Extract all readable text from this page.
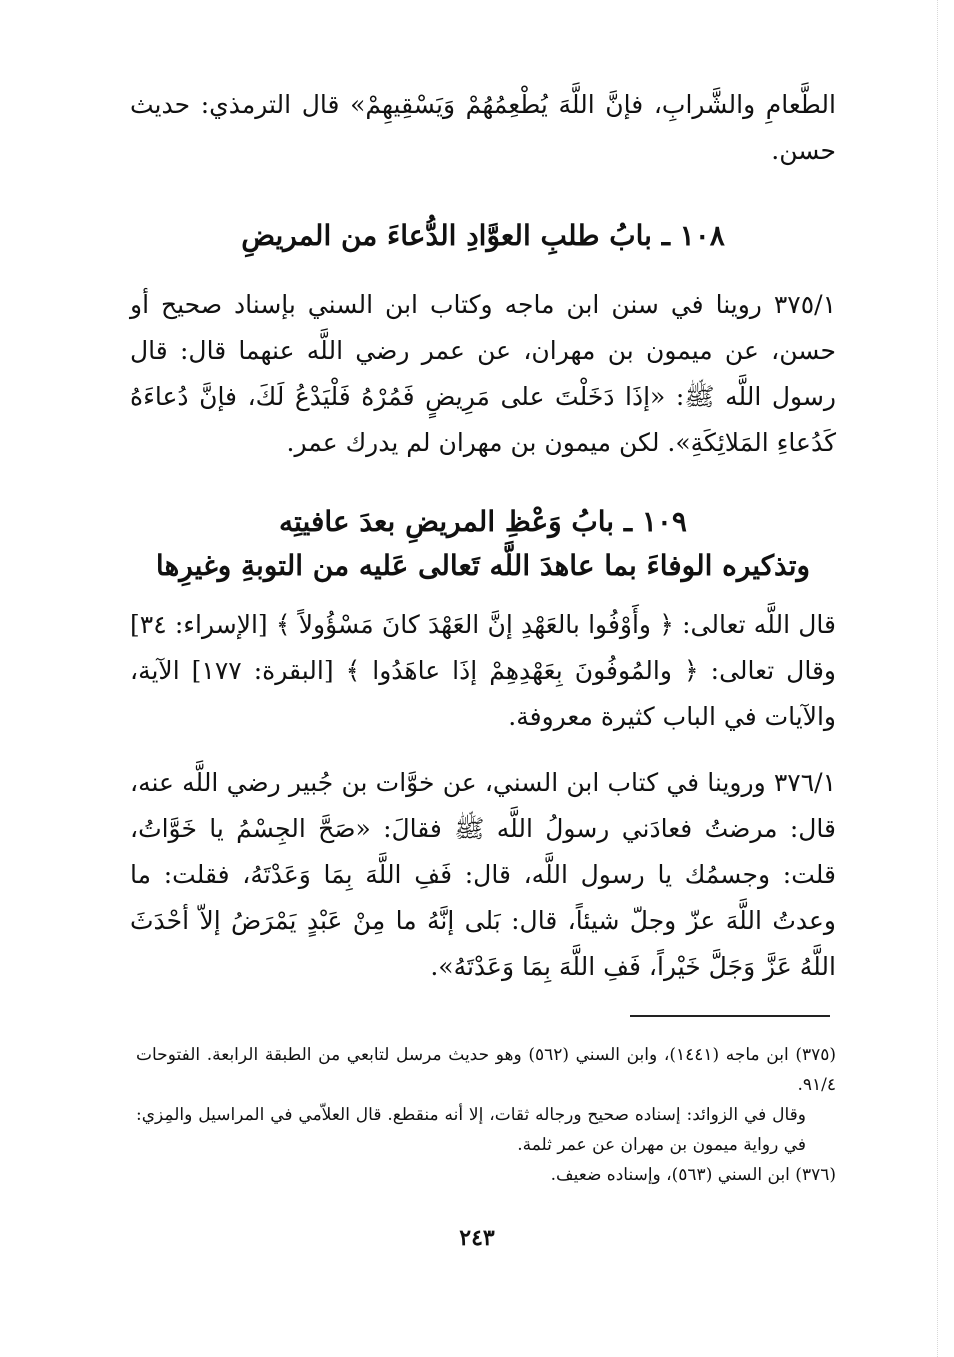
الطَّعامِ والشَّرابِ، فإنَّ اللَّهَ يُطْعِمُهُمْ وَيَسْقِيهِمْ» قال الترمذي: حديث حسن.

١٠٨ ـ بابُ طلبِ العوَّادِ الدُّعاءَ من المريضِ

٣٧٥/١ روينا في سنن ابن ماجه وكتاب ابن السني بإسناد صحيح أو حسن، عن ميمون بن مهران، عن عمر رضي اللَّه عنهما قال: قال رسول اللَّه ﷺ: «إذَا دَخَلْتَ على مَرِيضٍ فَمُرْهُ فَلْيَدْعُ لَكَ، فإنَّ دُعاءَهُ كَدُعاءِ المَلائِكَةِ». لكن ميمون بن مهران لم يدرك عمر.

١٠٩ ـ بابُ وَعْظِ المريضِ بعدَ عافيتِه
وتذكيره الوفاءَ بما عاهدَ اللَّه تَعالى عَليه من التوبةِ وغيرِها

قال اللَّه تعالى: ﴿ وأَوْفُوا بالعَهْدِ إنَّ العَهْدَ كانَ مَسْؤُولاً ﴾ [الإسراء: ٣٤] وقال تعالى: ﴿ والمُوفُونَ بِعَهْدِهِمْ إذَا عاهَدُوا ﴾ [البقرة: ١٧٧] الآية، والآيات في الباب كثيرة معروفة.

٣٧٦/١ وروينا في كتاب ابن السني، عن خوَّات بن جُبير رضي اللَّه عنه، قال: مرضتُ فعادَني رسولُ اللَّه ﷺ فقالَ: «صَحَّ الجِسْمُ يا خَوَّاتُ، قلت: وجسمُك يا رسول اللَّه، قال: فَفِ اللَّهَ بِمَا وَعَدْتَهُ، فقلت: ما وعدتُ اللَّهَ عزّ وجلّ شيئاً، قال: بَلى إنَّهُ ما مِنْ عَبْدٍ يَمْرَضُ إلاّ أحْدَثَ اللَّهُ عَزَّ وَجَلَّ خَيْراً، فَفِ اللَّهَ بِمَا وَعَدْتَهُ».

(٣٧٥) ابن ماجه (١٤٤١)، وابن السني (٥٦٢) وهو حديث مرسل لتابعي من الطبقة الرابعة. الفتوحات ٩١/٤.

وقال في الزوائد: إسناده صحيح ورجاله ثقات، إلا أنه منقطع. قال العلاّمي في المراسيل والمِزي: في رواية ميمون بن مهران عن عمر ثلمة.

(٣٧٦) ابن السني (٥٦٣)، وإسناده ضعيف.

٢٤٣
